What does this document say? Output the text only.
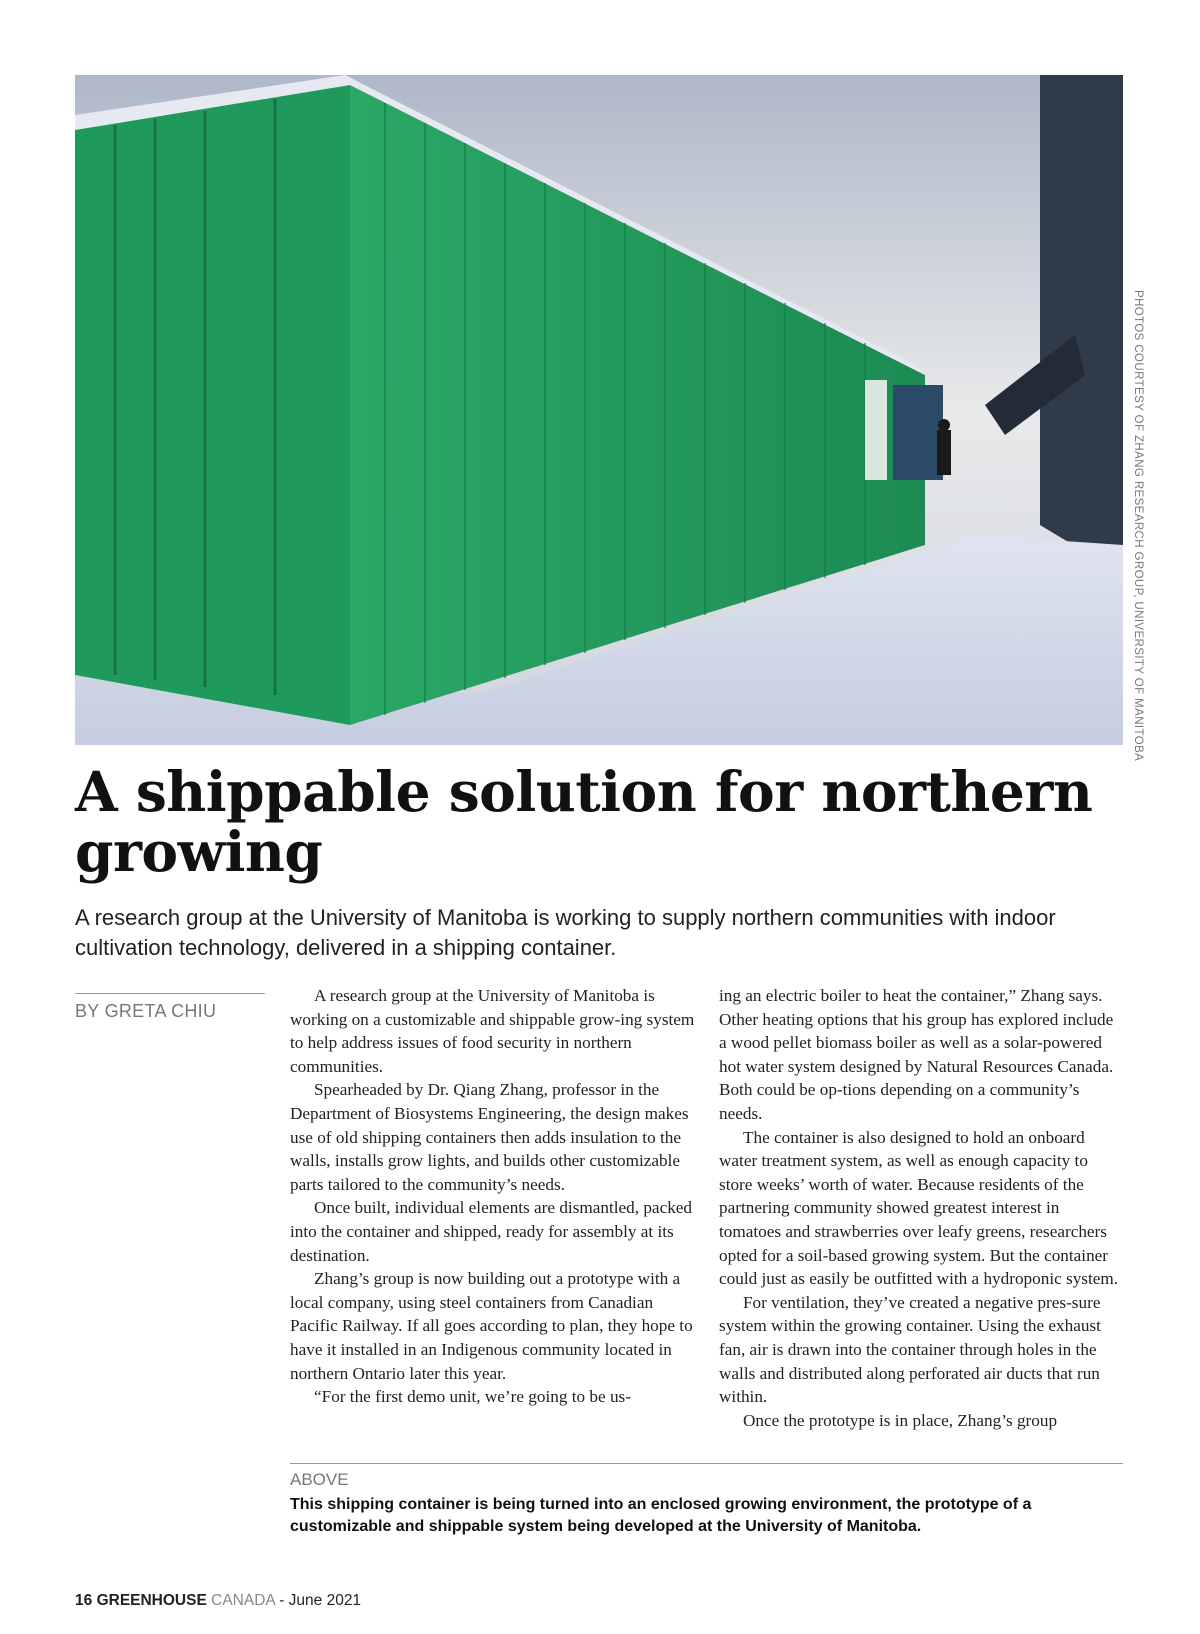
PHOTOS COURTESY OF ZHANG RESEARCH GROUP, UNIVERSITY OF MANITOBA
A shippable solution for northern growing

A research group at the University of Manitoba is working to supply northern communities with indoor cultivation technology, delivered in a shipping container.

BY GRETA CHIU

A research group at the University of Manitoba is working on a customizable and shippable grow-ing system to help address issues of food security in northern communities.

Spearheaded by Dr. Qiang Zhang, professor in the Department of Biosystems Engineering, the design makes use of old shipping containers then adds insulation to the walls, installs grow lights, and builds other customizable parts tailored to the community’s needs.

Once built, individual elements are dismantled, packed into the container and shipped, ready for assembly at its destination.

Zhang’s group is now building out a prototype with a local company, using steel containers from Canadian Pacific Railway. If all goes according to plan, they hope to have it installed in an Indigenous community located in northern Ontario later this year.

“For the first demo unit, we’re going to be us-

ing an electric boiler to heat the container,” Zhang says. Other heating options that his group has explored include a wood pellet biomass boiler as well as a solar-powered hot water system designed by Natural Resources Canada. Both could be op-tions depending on a community’s needs.

The container is also designed to hold an onboard water treatment system, as well as enough capacity to store weeks’ worth of water. Because residents of the partnering community showed greatest interest in tomatoes and strawberries over leafy greens, researchers opted for a soil-based growing system. But the container could just as easily be outfitted with a hydroponic system.

For ventilation, they’ve created a negative pres-sure system within the growing container. Using the exhaust fan, air is drawn into the container through holes in the walls and distributed along perforated air ducts that run within.

Once the prototype is in place, Zhang’s group

ABOVE
This shipping container is being turned into an enclosed growing environment, the prototype of a customizable and shippable system being developed at the University of Manitoba.
16 GREENHOUSE CANADA - June 2021
